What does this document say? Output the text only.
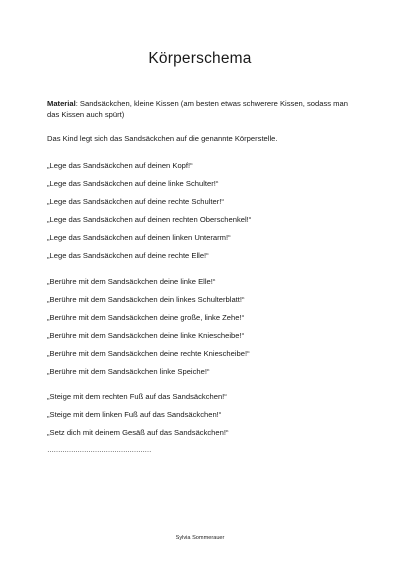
Körperschema

Material: Sandsäckchen, kleine Kissen (am besten etwas schwerere Kissen, sodass man das Kissen auch spürt)

Das Kind legt sich das Sandsäckchen auf die genannte Körperstelle.

„Lege das Sandsäckchen auf deinen Kopf!“
„Lege das Sandsäckchen auf deine linke Schulter!“
„Lege das Sandsäckchen auf deine rechte Schulter!“
„Lege das Sandsäckchen auf deinen rechten Oberschenkel!“
„Lege das Sandsäckchen auf deinen linken Unterarm!“
„Lege das Sandsäckchen auf deine rechte Elle!“
„Berühre mit dem Sandsäckchen deine linke Elle!“
„Berühre mit dem Sandsäckchen dein linkes Schulterblatt!“
„Berühre mit dem Sandsäckchen deine große, linke Zehe!“
„Berühre mit dem Sandsäckchen deine linke Kniescheibe!“
„Berühre mit dem Sandsäckchen deine rechte Kniescheibe!“
„Berühre mit dem Sandsäckchen linke Speiche!“
„Steige mit dem rechten Fuß auf das Sandsäckchen!“
„Steige mit dem linken Fuß auf das Sandsäckchen!“
„Setz dich mit deinem Gesäß auf das Sandsäckchen!“
…………………………………………
Sylvia Sommerauer
